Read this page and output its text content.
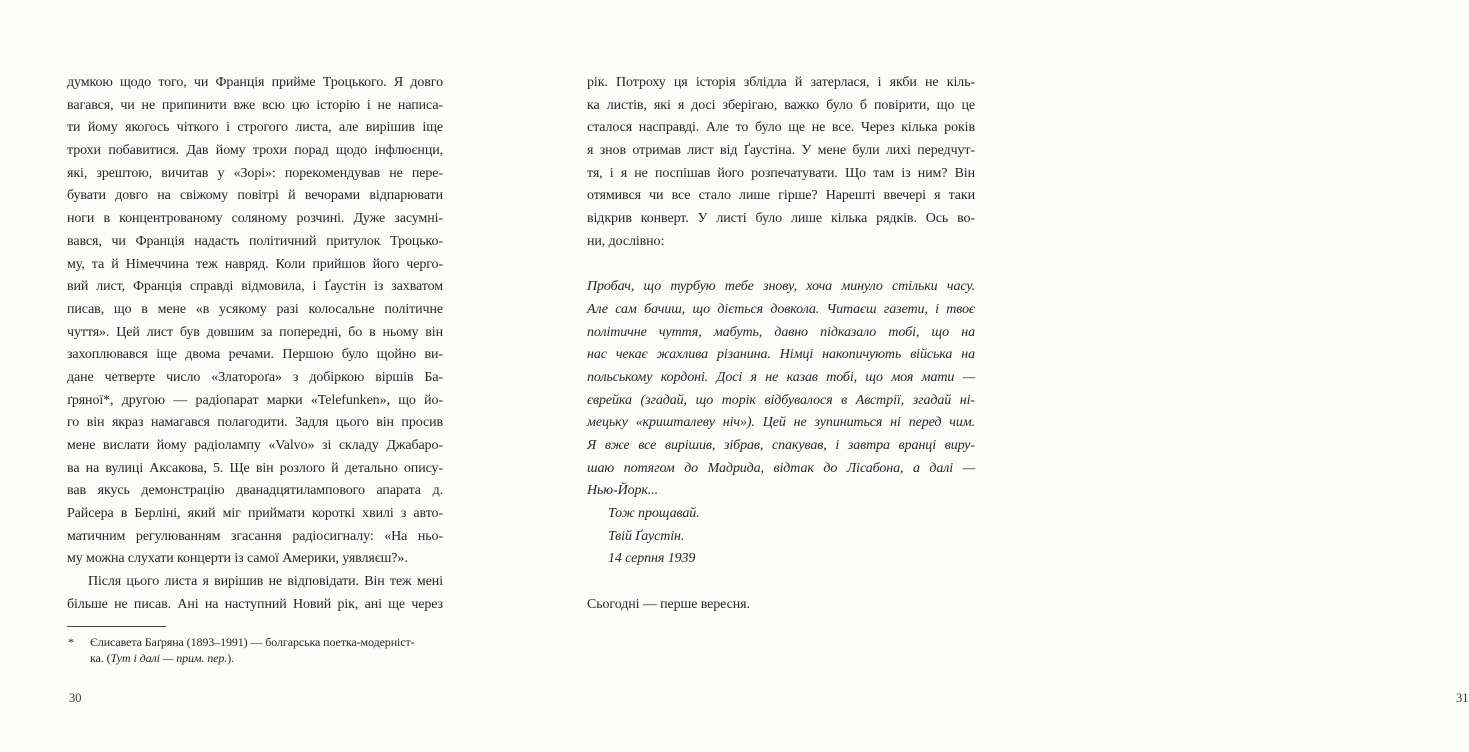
думкою щодо того, чи Франція прийме Троцького. Я довго
вагався, чи не припинити вже всю цю історію і не написа-
ти йому якогось чіткого і строгого листа, але вирішив іще
трохи побавитися. Дав йому трохи порад щодо інфлюєнци,
які, зрештою, вичитав у «Зорі»: порекомендував не пере-
бувати довго на свіжому повітрі й вечорами відпарювати
ноги в концентрованому соляному розчині. Дуже засумні-
вався, чи Франція надасть політичний притулок Троцько-
му, та й Німеччина теж навряд. Коли прийшов його черго-
вий лист, Франція справді відмовила, і Ґаустін із захватом
писав, що в мене «в усякому разі колосальне політичне
чуття». Цей лист був довшим за попередні, бо в ньому він
захоплювався іще двома речами. Першою було щойно ви-
дане четверте число «Златороґа» з добіркою віршів Ба-
ґряної*, другою — радіопарат марки «Telefunken», що йо-
го він якраз намагався полагодити. Задля цього він просив
мене вислати йому радіолампу «Valvo» зі складу Джабаро-
ва на вулиці Аксакова, 5. Ще він розлого й детально опису-
вав якусь демонстрацію дванадцятилампового апарата д.
Райсера в Берліні, який міг приймати короткі хвилі з авто-
матичним регулюванням згасання радіосигналу: «На ньо-
му можна слухати концерти із самої Америки, уявляєш?».
Після цього листа я вирішив не відповідати. Він теж мені
більше не писав. Ані на наступний Новий рік, ані ще через
* Єлисавета Баґряна (1893–1991) — болгарська поетка-модерніст-
ка. (Тут і далі — прим. пер.).
30
рік. Потроху ця історія зблідла й затерлася, і якби не кіль-
ка листів, які я досі зберігаю, важко було б повірити, що це
сталося насправді. Але то було ще не все. Через кілька років
я знов отримав лист від Ґаустіна. У мене були лихі передчут-
тя, і я не поспішав його розпечатувати. Що там із ним? Він
отямився чи все стало лише гірше? Нарешті ввечері я таки
відкрив конверт. У листі було лише кілька рядків. Ось во-
ни, дослівно:
Пробач, що турбую тебе знову, хоча минуло стільки часу.
Але сам бачиш, що діється довкола. Читаєш газети, і твоє
політичне чуття, мабуть, давно підказало тобі, що на
нас чекає жахлива різанина. Німці накопичують війська на
польському кордоні. Досі я не казав тобі, що моя мати —
єврейка (згадай, що торік відбувалося в Австрії, згадай ні-
мецьку «кришталеву ніч»). Цей не зупиниться ні перед чим.
Я вже все вирішив, зібрав, спакував, і завтра вранці виру-
шаю потягом до Мадрида, відтак до Лісабона, а далі —
Нью-Йорк...
Тож прощавай.
Твій Ґаустін.
14 серпня 1939
Сьогодні — перше вересня.
31
